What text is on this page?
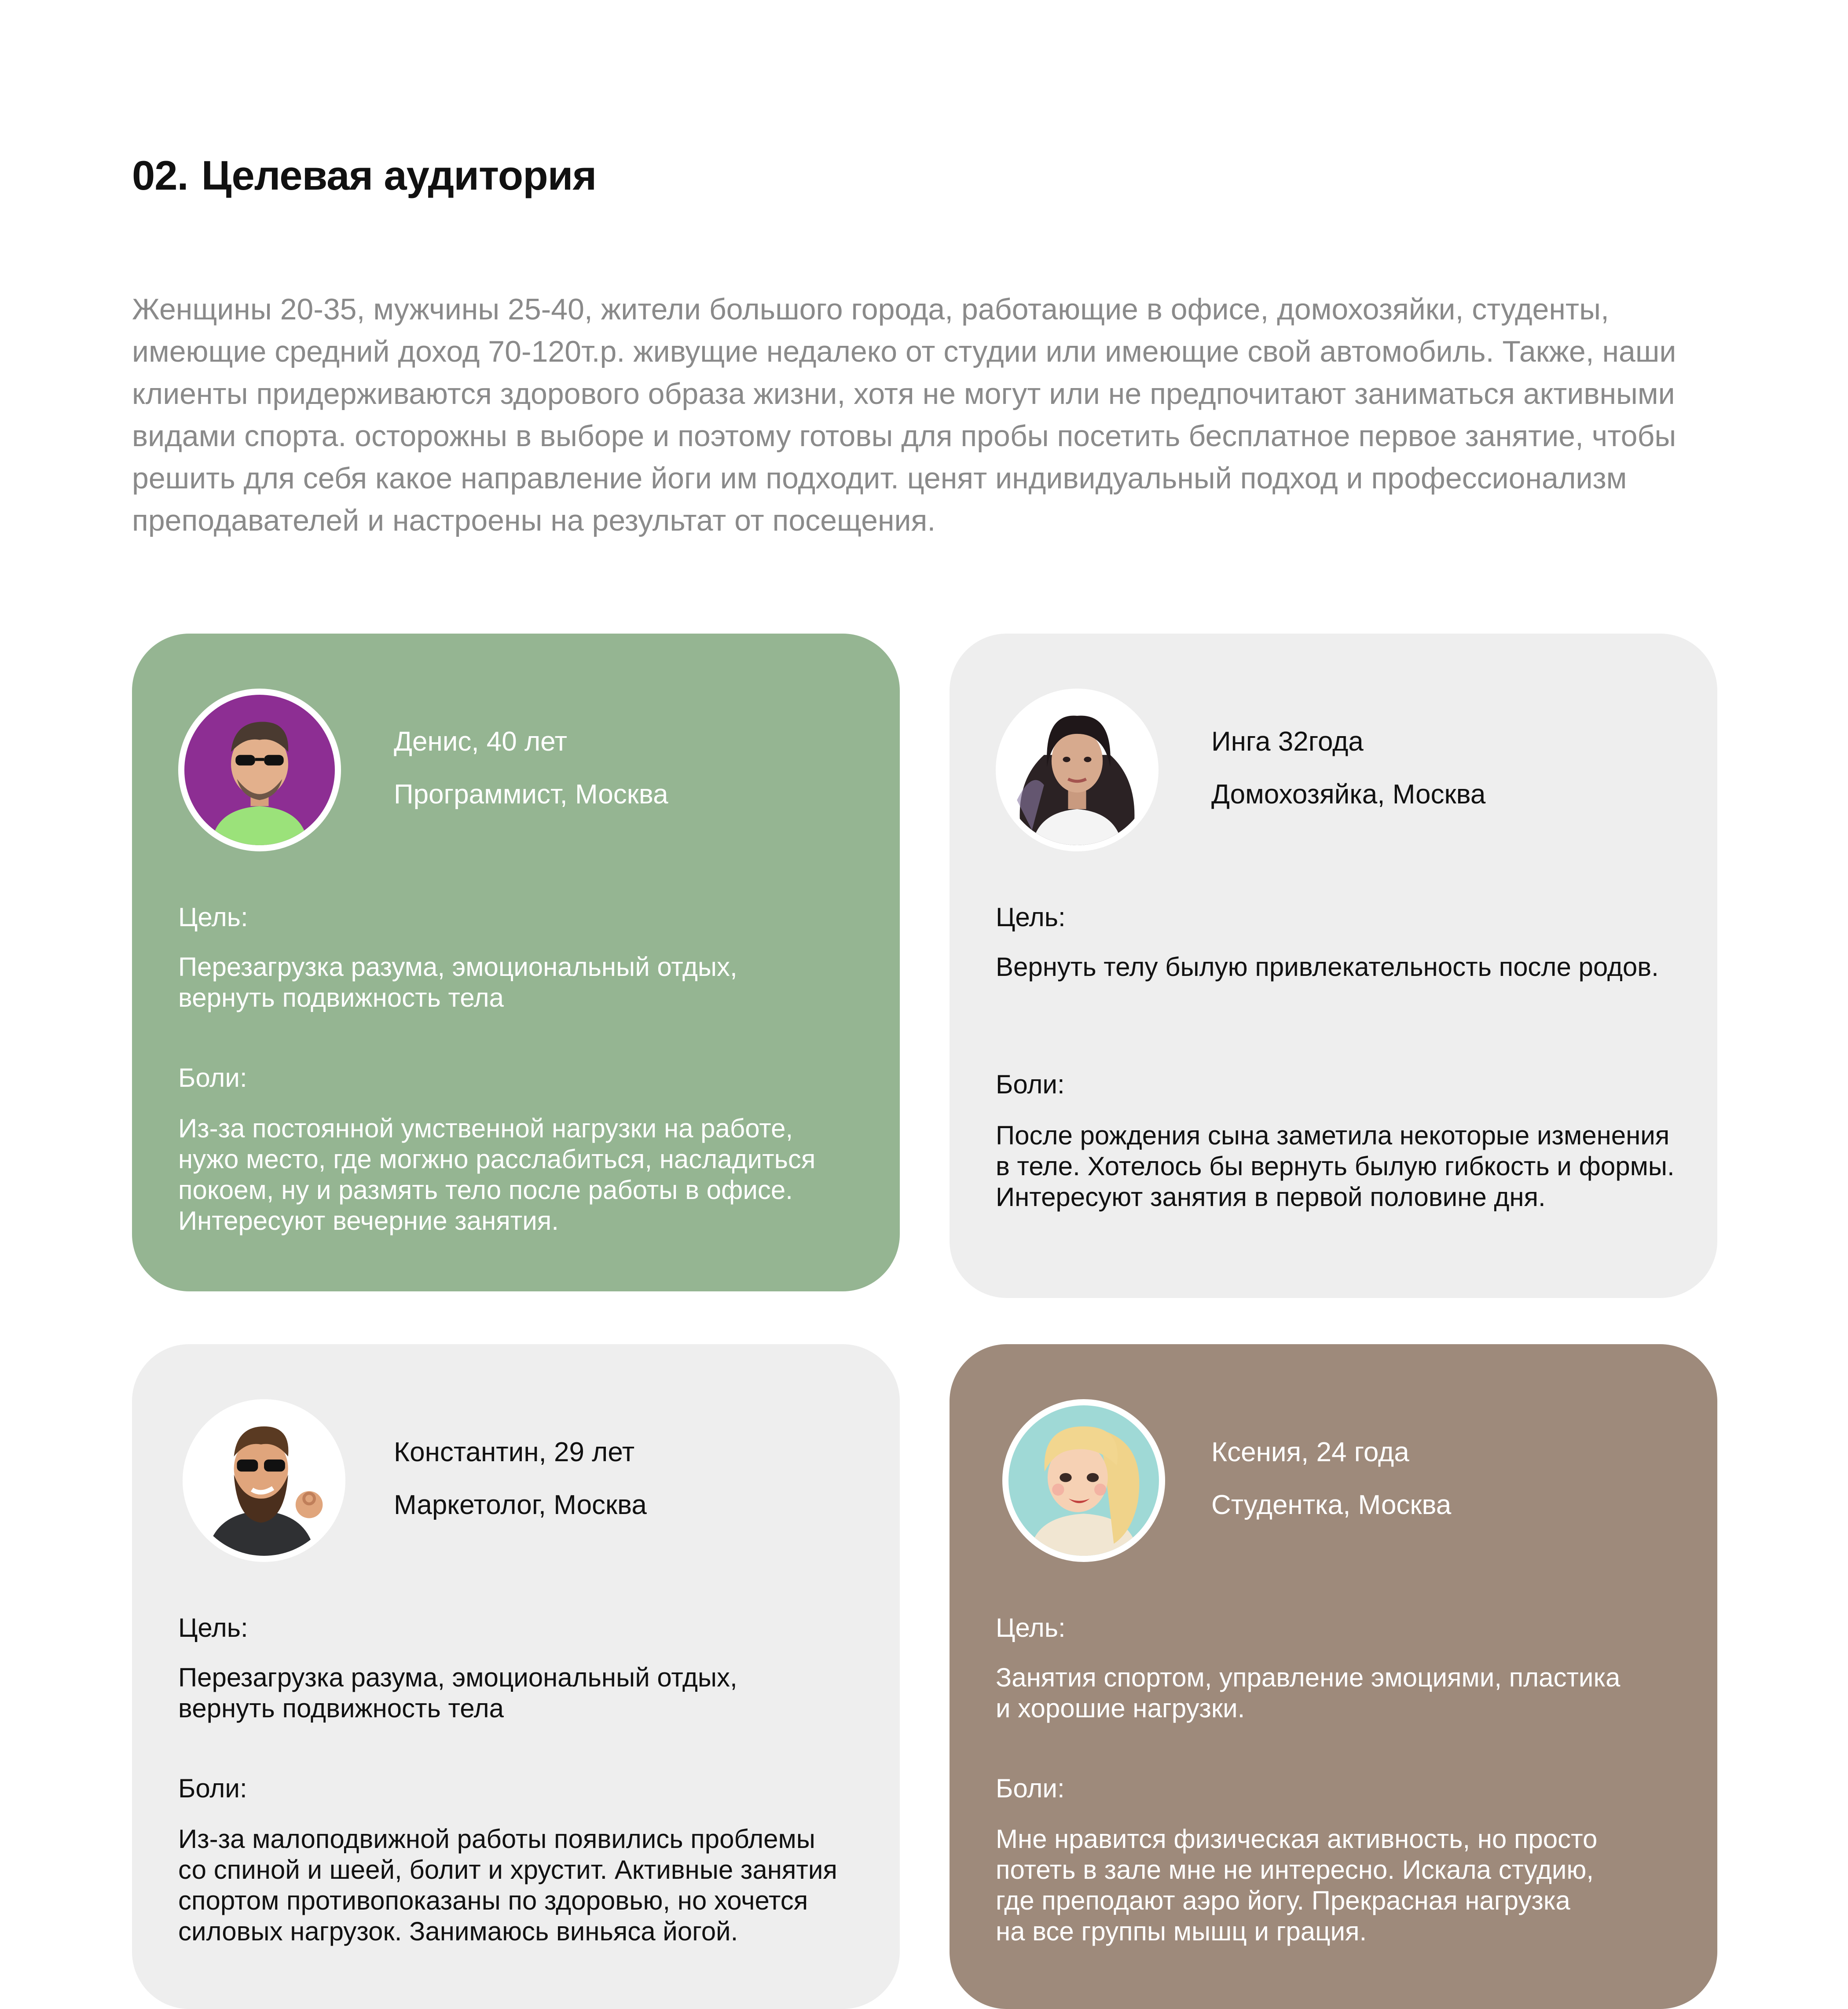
02. Целевая аудитория

Женщины 20-35, мужчины 25-40, жители большого города, работающие в офисе, домохозяйки, студенты, имеющие средний доход 70-120т.р. живущие недалеко от студии или имеющие свой автомобиль. Также, наши клиенты придерживаются здорового образа жизни, хотя не могут или не предпочитают заниматься активными видами спорта. осторожны в выборе и поэтому готовы для пробы посетить бесплатное первое занятие, чтобы решить для себя какое направление йоги им подходит. ценят индивидуальный подход и профессионализм преподавателей и настроены на результат от посещения.

Денис, 40 лет
Программист, Москва
Цель:

Перезагрузка разума, эмоциональный отдых,
вернуть подвижность тела

Боли:

Из-за постоянной умственной нагрузки на работе,
нужо место, где могжно расслабиться, насладиться
покоем, ну и размять тело после работы в офисе.
Интересуют вечерние занятия.

Инга 32года
Домохозяйка, Москва
Цель:

Вернуть телу былую привлекательность после родов.

Боли:

После рождения сына заметила некоторые изменения
в теле. Хотелось бы вернуть былую гибкость и формы.
Интересуют занятия в первой половине дня.

Константин, 29 лет
Маркетолог, Москва
Цель:

Перезагрузка разума, эмоциональный отдых,
вернуть подвижность тела

Боли:

Из-за малоподвижной работы появились проблемы
со спиной и шеей, болит и хрустит. Активные занятия
спортом противопоказаны по здоровью, но хочется
силовых нагрузок. Занимаюсь виньяса йогой.

Ксения, 24 года
Студентка, Москва
Цель:

Занятия спортом, управление эмоциями, пластика
и хорошие нагрузки.

Боли:

Мне нравится физическая активность, но просто
потеть в зале мне не интересно. Искала студию,
где преподают аэро йогу. Прекрасная нагрузка
на все группы мышц и грация.
